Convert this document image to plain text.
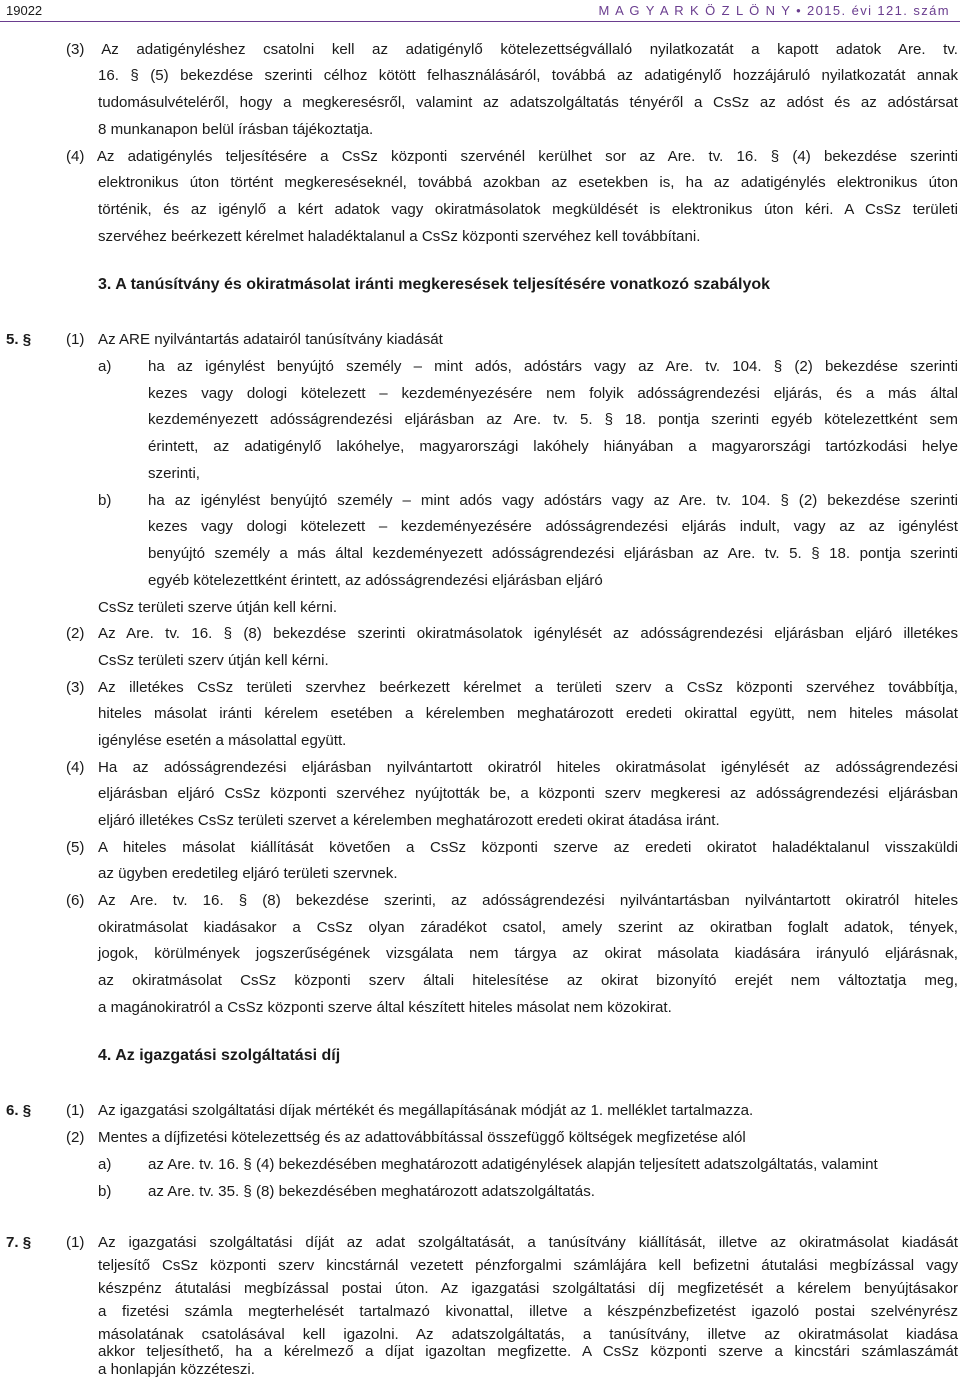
19022	M A G Y A R K Ö Z L Ö N Y • 2015. évi 121. szám
(3) Az adatigényléshez csatolni kell az adatigénylő kötelezettségvállaló nyilatkozatát a kapott adatok Are. tv.
16. § (5) bekezdése szerinti célhoz kötött felhasználásáról, továbbá az adatigénylő hozzájáruló nyilatkozatát annak
tudomásulvételéről, hogy a megkeresésről, valamint az adatszolgáltatás tényéről a CsSz az adóst és az adóstársat
8 munkanapon belül írásban tájékoztatja.
(4) Az adatigénylés teljesítésére a CsSz központi szervénél kerülhet sor az Are. tv. 16. § (4) bekezdése szerinti
elektronikus úton történt megkereséseknél, továbbá azokban az esetekben is, ha az adatigénylés elektronikus úton
történik, és az igénylő a kért adatok vagy okiratmásolatok megküldését is elektronikus úton kéri. A CsSz területi
szervéhez beérkezett kérelmet haladéktalanul a CsSz központi szervéhez kell továbbítani.
3. A tanúsítvány és okiratmásolat iránti megkeresések teljesítésére vonatkozó szabályok
5. § (1) Az ARE nyilvántartás adatairól tanúsítvány kiadását
a) ha az igénylést benyújtó személy – mint adós, adóstárs vagy az Are. tv. 104. § (2) bekezdése szerinti
kezes vagy dologi kötelezett – kezdeményezésére nem folyik adósságrendezési eljárás, és a más által
kezdeményezett adósságrendezési eljárásban az Are. tv. 5. § 18. pontja szerinti egyéb kötelezettként sem
érintett, az adatigénylő lakóhelye, magyarországi lakóhely hiányában a magyarországi tartózkodási helye
szerinti,
b) ha az igénylést benyújtó személy – mint adós vagy adóstárs vagy az Are. tv. 104. § (2) bekezdése szerinti
kezes vagy dologi kötelezett – kezdeményezésére adósságrendezési eljárás indult, vagy az az igénylést
benyújtó személy a más által kezdeményezett adósságrendezési eljárásban az Are. tv. 5. § 18. pontja szerinti
egyéb kötelezettként érintett, az adósságrendezési eljárásban eljáró
CsSz területi szerve útján kell kérni.
(2) Az Are. tv. 16. § (8) bekezdése szerinti okiratmásolatok igénylését az adósságrendezési eljárásban eljáró illetékes
CsSz területi szerv útján kell kérni.
(3) Az illetékes CsSz területi szervhez beérkezett kérelmet a területi szerv a CsSz központi szervéhez továbbítja,
hiteles másolat iránti kérelem esetében a kérelemben meghatározott eredeti okirattal együtt, nem hiteles másolat
igénylése esetén a másolattal együtt.
(4) Ha az adósságrendezési eljárásban nyilvántartott okiratról hiteles okiratmásolat igénylését az adósságrendezési
eljárásban eljáró CsSz központi szervéhez nyújtották be, a központi szerv megkeresi az adósságrendezési eljárásban
eljáró illetékes CsSz területi szervet a kérelemben meghatározott eredeti okirat átadása iránt.
(5) A hiteles másolat kiállítását követően a CsSz központi szerve az eredeti okiratot haladéktalanul visszaküldi
az ügyben eredetileg eljáró területi szervnek.
(6) Az Are. tv. 16. § (8) bekezdése szerinti, az adósságrendezési nyilvántartásban nyilvántartott okiratról hiteles
okiratmásolat kiadásakor a CsSz olyan záradékot csatol, amely szerint az okiratban foglalt adatok, tények,
jogok, körülmények jogszerűségének vizsgálata nem tárgya az okirat másolata kiadására irányuló eljárásnak,
az okiratmásolat CsSz központi szerv általi hitelesítése az okirat bizonyító erejét nem változtatja meg,
a magánokiratról a CsSz központi szerve által készített hiteles másolat nem közokirat.
4. Az igazgatási szolgáltatási díj
6. § (1) Az igazgatási szolgáltatási díjak mértékét és megállapításának módját az 1. melléklet tartalmazza.
(2) Mentes a díjfizetési kötelezettség és az adattovábbítással összefüggő költségek megfizetése alól
a) az Are. tv. 16. § (4) bekezdésében meghatározott adatigénylések alapján teljesített adatszolgáltatás, valamint
b) az Are. tv. 35. § (8) bekezdésében meghatározott adatszolgáltatás.
7. § (1) Az igazgatási szolgáltatási díját az adat szolgáltatását, a tanúsítvány kiállítását, illetve az okiratmásolat kiadását
teljesítő CsSz központi szerv kincstárnál vezetett pénzforgalmi számlájára kell befizetni átutalási megbízással vagy
készpénz átutalási megbízással postai úton. Az igazgatási szolgáltatási díj megfizetését a kérelem benyújtásakor
a fizetési számla megterhelését tartalmazó kivonattal, illetve a készpénzbefizetést igazoló postai szelvényrész
másolatának csatolásával kell igazolni. Az adatszolgáltatás, a tanúsítvány, illetve az okiratmásolat kiadása
akkor teljesíthető, ha a kérelmező a díjat igazoltan megfizette. A CsSz központi szerve a kincstári számlaszámát
a honlapján közzéteszi.
